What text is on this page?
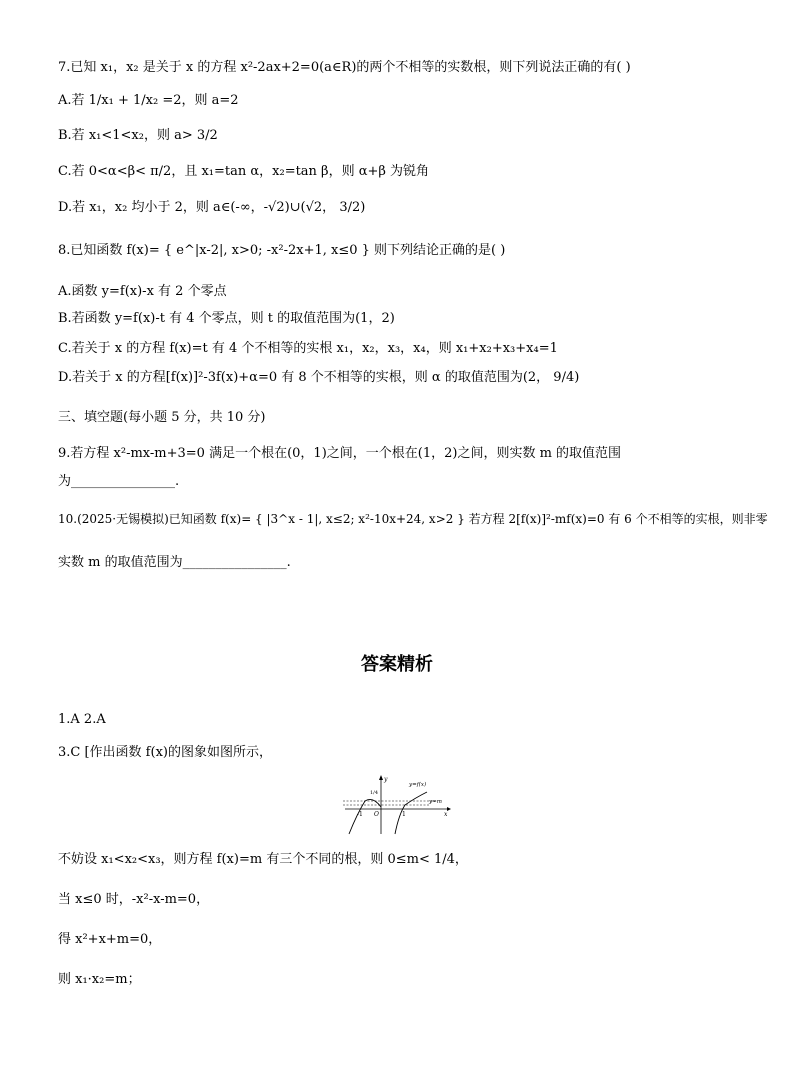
7.已知 x₁，x₂ 是关于 x 的方程 x²-2ax+2=0(a∈R)的两个不相等的实数根，则下列说法正确的有( )
A.若 1/x₁ + 1/x₂ =2，则 a=2
B.若 x₁<1<x₂，则 a> 3/2
C.若 0<α<β< π/2，且 x₁=tan α，x₂=tan β，则 α+β 为锐角
D.若 x₁，x₂ 均小于 2，则 a∈(-∞，-√2)∪(√2， 3/2)
8.已知函数 f(x)= { e^|x-2|, x>0; -x²-2x+1, x≤0 } 则下列结论正确的是( )
A.函数 y=f(x)-x 有 2 个零点
B.若函数 y=f(x)-t 有 4 个零点，则 t 的取值范围为(1，2)
C.若关于 x 的方程 f(x)=t 有 4 个不相等的实根 x₁，x₂，x₃，x₄，则 x₁+x₂+x₃+x₄=1
D.若关于 x 的方程[f(x)]²-3f(x)+α=0 有 8 个不相等的实根，则 α 的取值范围为(2， 9/4)
三、填空题(每小题 5 分，共 10 分)
9.若方程 x²-mx-m+3=0 满足一个根在(0，1)之间，一个根在(1，2)之间，则实数 m 的取值范围
为________________.
10.(2025·无锡模拟)已知函数 f(x)= { |3^x - 1|, x≤2; x²-10x+24, x>2 } 若方程 2[f(x)]²-mf(x)=0 有 6 个不相等的实根，则非零
实数 m 的取值范围为________________.
答案精析
1.A 2.A
3.C [作出函数 f(x)的图象如图所示，
y
x
O
-1	1
1/4
y=f(x)
y=m
不妨设 x₁<x₂<x₃，则方程 f(x)=m 有三个不同的根，则 0≤m< 1/4，
当 x≤0 时，-x²-x-m=0，
得 x²+x+m=0，
则 x₁·x₂=m；
